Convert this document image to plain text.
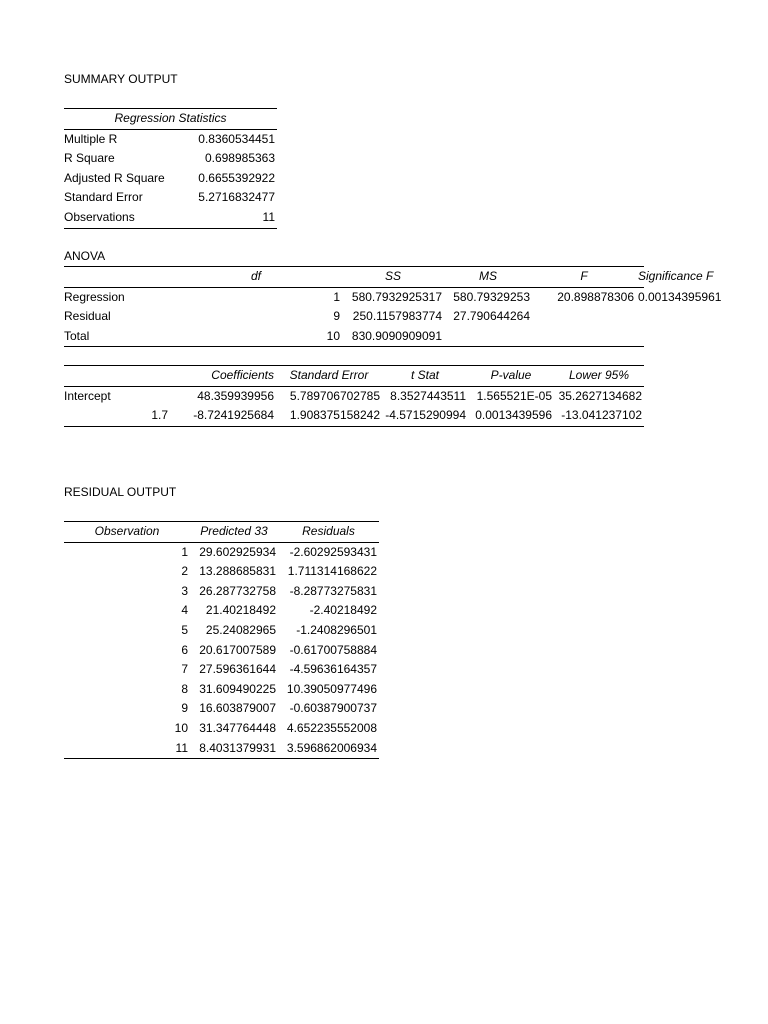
SUMMARY OUTPUT
Regression Statistics	
Multiple R	0.8360534451
R Square	0.698985363
Adjusted R Square	0.6655392922
Standard Error	5.2716832477
Observations	11
ANOVA
	df	SS	MS	F	Significance F
Regression	1	580.7932925317	580.79329253	20.898878306	0.00134395961
Residual	9	250.1157983774	27.790644264		
Total	10	830.9090909091			
	Coefficients	Standard Error	t Stat	P-value	Lower 95%
Intercept	48.359939956	5.789706702785	8.3527443511	1.565521E-05	35.2627134682
1.7	-8.7241925684	1.908375158242	-4.5715290994	0.0013439596	-13.041237102
RESIDUAL OUTPUT
Observation	Predicted 33	Residuals
1	29.602925934	-2.60292593431
2	13.288685831	1.711314168622
3	26.287732758	-8.28773275831
4	21.40218492	-2.40218492
5	25.24082965	-1.2408296501
6	20.617007589	-0.61700758884
7	27.596361644	-4.59636164357
8	31.609490225	10.39050977496
9	16.603879007	-0.60387900737
10	31.347764448	4.652235552008
11	8.4031379931	3.596862006934
